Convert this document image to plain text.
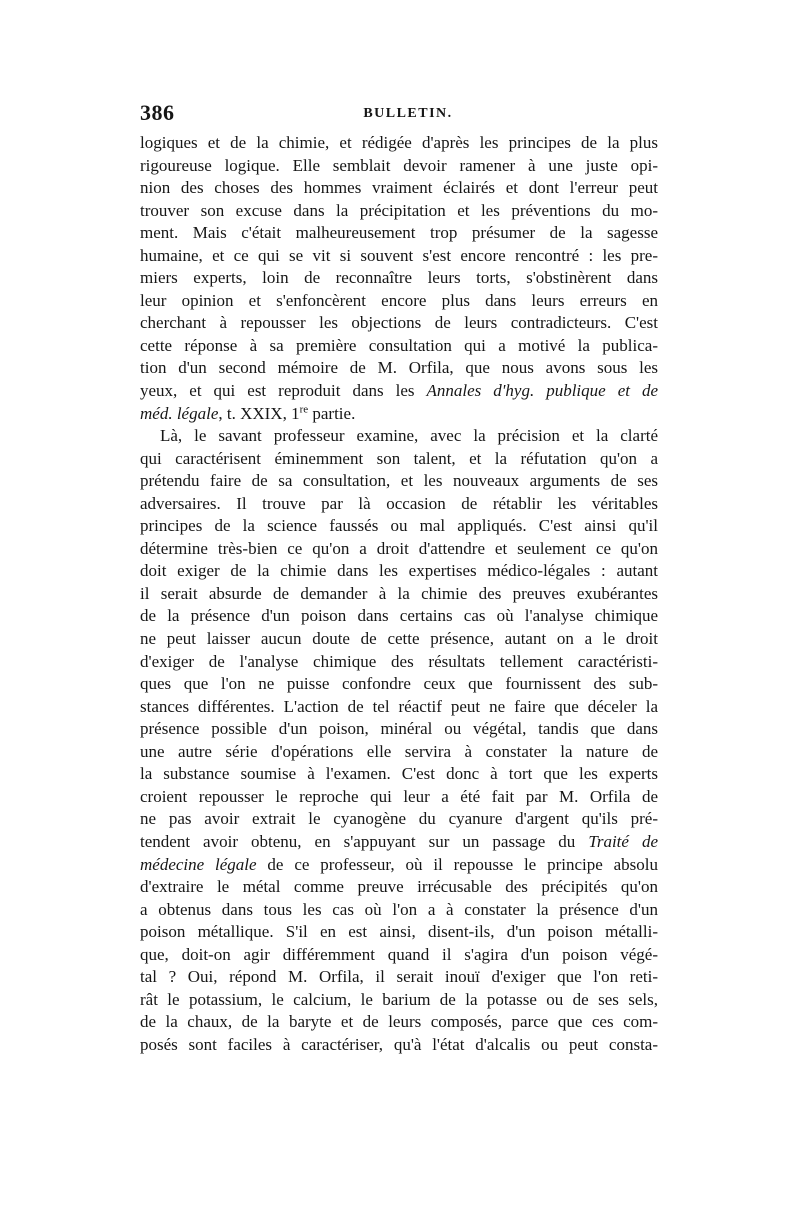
386	BULLETIN.
logiques et de la chimie, et rédigée d'après les principes de la plus
rigoureuse logique. Elle semblait devoir ramener à une juste opi-
nion des choses des hommes vraiment éclairés et dont l'erreur peut
trouver son excuse dans la précipitation et les préventions du mo-
ment. Mais c'était malheureusement trop présumer de la sagesse
humaine, et ce qui se vit si souvent s'est encore rencontré : les pre-
miers experts, loin de reconnaître leurs torts, s'obstinèrent dans
leur opinion et s'enfoncèrent encore plus dans leurs erreurs en
cherchant à repousser les objections de leurs contradicteurs. C'est
cette réponse à sa première consultation qui a motivé la publica-
tion d'un second mémoire de M. Orfila, que nous avons sous les
yeux, et qui est reproduit dans les Annales d'hyg. publique et de
méd. légale, t. XXIX, 1re partie.
Là, le savant professeur examine, avec la précision et la clarté
qui caractérisent éminemment son talent, et la réfutation qu'on a
prétendu faire de sa consultation, et les nouveaux arguments de ses
adversaires. Il trouve par là occasion de rétablir les véritables
principes de la science faussés ou mal appliqués. C'est ainsi qu'il
détermine très-bien ce qu'on a droit d'attendre et seulement ce qu'on
doit exiger de la chimie dans les expertises médico-légales : autant
il serait absurde de demander à la chimie des preuves exubérantes
de la présence d'un poison dans certains cas où l'analyse chimique
ne peut laisser aucun doute de cette présence, autant on a le droit
d'exiger de l'analyse chimique des résultats tellement caractéristi-
ques que l'on ne puisse confondre ceux que fournissent des sub-
stances différentes. L'action de tel réactif peut ne faire que déceler la
présence possible d'un poison, minéral ou végétal, tandis que dans
une autre série d'opérations elle servira à constater la nature de
la substance soumise à l'examen. C'est donc à tort que les experts
croient repousser le reproche qui leur a été fait par M. Orfila de
ne pas avoir extrait le cyanogène du cyanure d'argent qu'ils pré-
tendent avoir obtenu, en s'appuyant sur un passage du Traité de
médecine légale de ce professeur, où il repousse le principe absolu
d'extraire le métal comme preuve irrécusable des précipités qu'on
a obtenus dans tous les cas où l'on a à constater la présence d'un
poison métallique. S'il en est ainsi, disent-ils, d'un poison métalli-
que, doit-on agir différemment quand il s'agira d'un poison végé-
tal ? Oui, répond M. Orfila, il serait inouï d'exiger que l'on reti-
rât le potassium, le calcium, le barium de la potasse ou de ses sels,
de la chaux, de la baryte et de leurs composés, parce que ces com-
posés sont faciles à caractériser, qu'à l'état d'alcalis ou peut consta-
